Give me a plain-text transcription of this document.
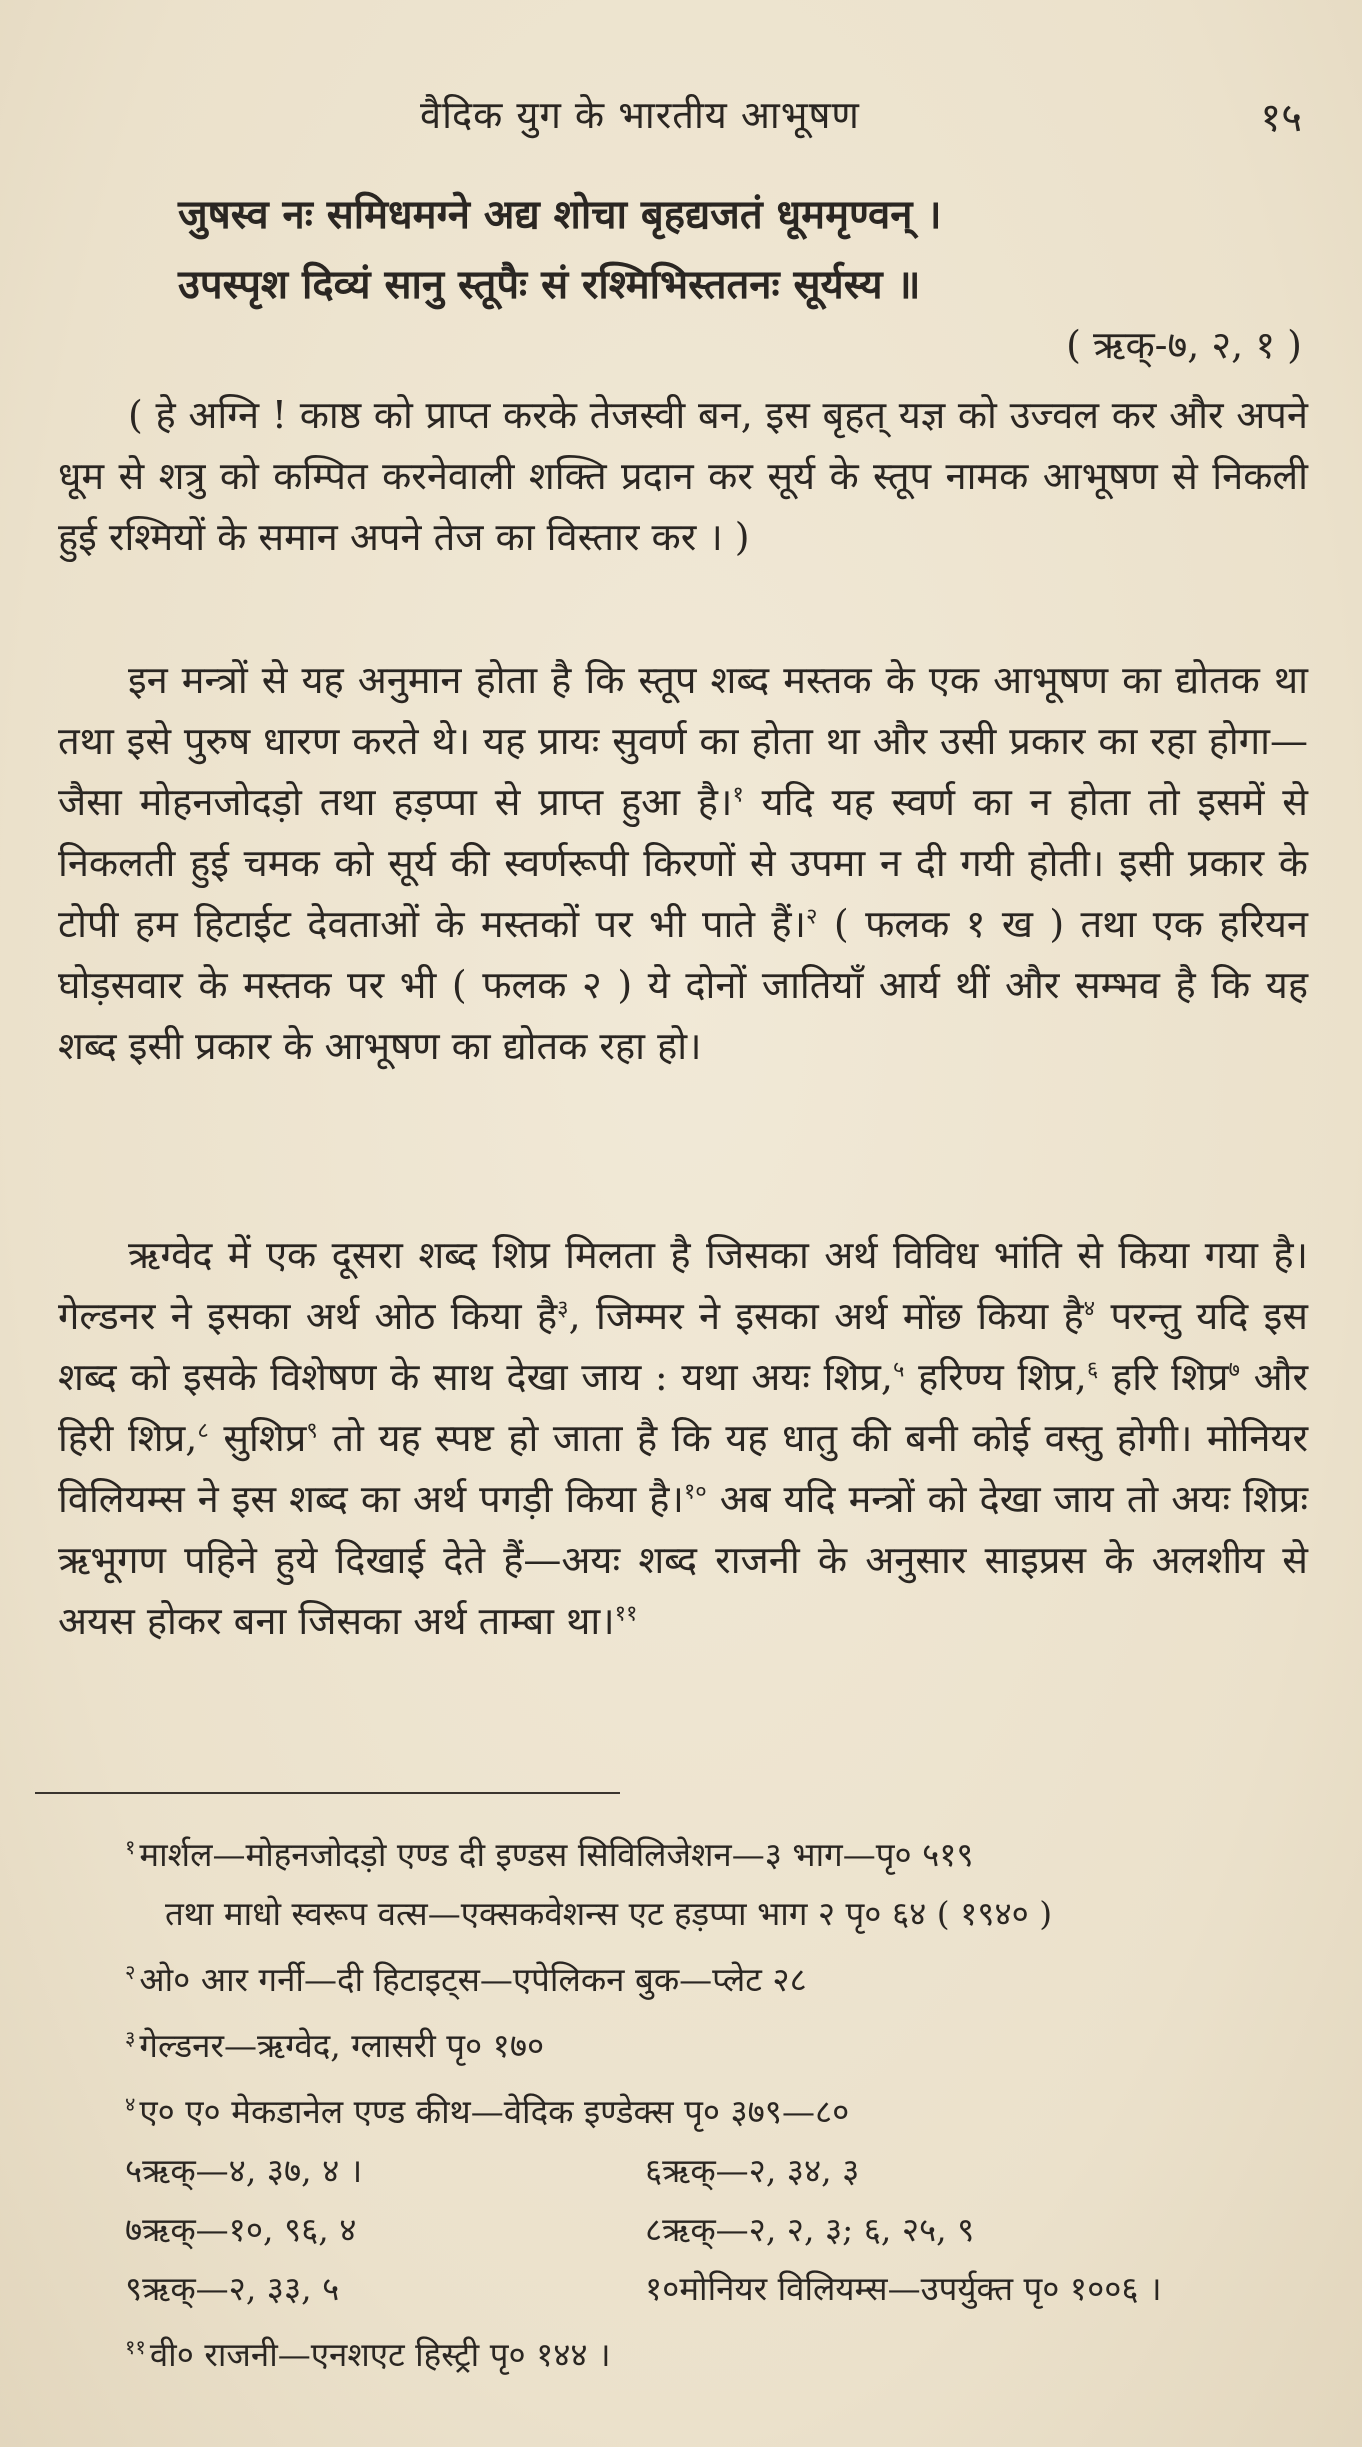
वैदिक युग के भारतीय आभूषण	१५
जुषस्व नः समिधमग्ने अद्य शोचा बृहद्यजतं धूममृण्वन् ।
उपस्पृश दिव्यं सानु स्तूपैः सं रश्मिभिस्ततनः सूर्यस्य ॥
( ऋक्-७, २, १ )
( हे अग्नि ! काष्ठ को प्राप्त करके तेजस्वी बन, इस बृहत् यज्ञ को उज्वल कर और अपने धूम से शत्रु को कम्पित करनेवाली शक्ति प्रदान कर सूर्य के स्तूप नामक आभूषण से निकली हुई रश्मियों के समान अपने तेज का विस्तार कर । )
इन मन्त्रों से यह अनुमान होता है कि स्तूप शब्द मस्तक के एक आभूषण का द्योतक था तथा इसे पुरुष धारण करते थे। यह प्रायः सुवर्ण का होता था और उसी प्रकार का रहा होगा—जैसा मोहनजोदड़ो तथा हड़प्पा से प्राप्त हुआ है।$^१$ यदि यह स्वर्ण का न होता तो इसमें से निकलती हुई चमक को सूर्य की स्वर्णरूपी किरणों से उपमा न दी गयी होती। इसी प्रकार के टोपी हम हिटाईट देवताओं के मस्तकों पर भी पाते हैं।$^२$ ( फलक १ ख ) तथा एक हरियन घोड़सवार के मस्तक पर भी ( फलक २ ) ये दोनों जातियाँ आर्य थीं और सम्भव है कि यह शब्द इसी प्रकार के आभूषण का द्योतक रहा हो।
ऋग्वेद में एक दूसरा शब्द शिप्र मिलता है जिसका अर्थ विविध भांति से किया गया है। गेल्डनर ने इसका अर्थ ओठ किया है$^३$, जिम्मर ने इसका अर्थ मोंछ किया है$^४$ परन्तु यदि इस शब्द को इसके विशेषण के साथ देखा जाय : यथा अयः शिप्र,$^५$ हरिण्य शिप्र,$^६$ हरि शिप्र$^७$ और हिरी शिप्र,$^८$ सुशिप्र$^९$ तो यह स्पष्ट हो जाता है कि यह धातु की बनी कोई वस्तु होगी। मोनियर विलियम्स ने इस शब्द का अर्थ पगड़ी किया है।$^{१०}$ अब यदि मन्त्रों को देखा जाय तो अयः शिप्रः ऋभूगण पहिने हुये दिखाई देते हैं—अयः शब्द राजनी के अनुसार साइप्रस के अलशीय से अयस होकर बना जिसका अर्थ ताम्बा था।$^{११}$
$^१$ मार्शल—मोहनजोदड़ो एण्ड दी इण्डस सिविलिजेशन—३ भाग—पृ० ५१९
तथा माधो स्वरूप वत्स—एक्सकवेशन्स एट हड़प्पा भाग २ पृ० ६४ ( १९४० )
$^२$ ओ० आर गर्नी—दी हिटाइट्स—एपेलिकन बुक—प्लेट २८
$^३$ गेल्डनर—ऋग्वेद, ग्लासरी पृ० १७०
$^४$ ए० ए० मेकडानेल एण्ड कीथ—वेदिक इण्डेक्स पृ० ३७९—८०
५ऋक्—४, ३७, ४ ।	६ऋक्—२, ३४, ३
७ऋक्—१०, ९६, ४	८ऋक्—२, २, ३; ६, २५, ९
९ऋक्—२, ३३, ५	१०मोनियर विलियम्स—उपर्युक्त पृ० १००६ ।
$^{११}$ वी० राजनी—एनशएट हिस्ट्री पृ० १४४ ।
